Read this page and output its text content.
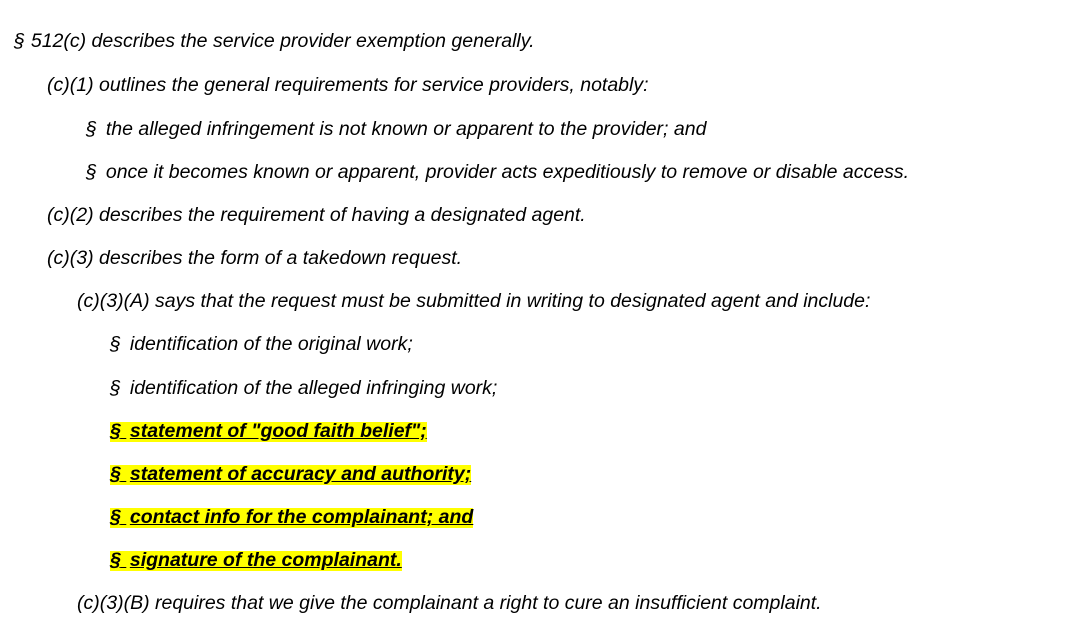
§ 512(c) describes the service provider exemption generally.
(c)(1) outlines the general requirements for service providers, notably:
§ the alleged infringement is not known or apparent to the provider; and
§ once it becomes known or apparent, provider acts expeditiously to remove or disable access.
(c)(2) describes the requirement of having a designated agent.
(c)(3) describes the form of a takedown request.
(c)(3)(A) says that the request must be submitted in writing to designated agent and include:
§ identification of the original work;
§ identification of the alleged infringing work;
§ statement of "good faith belief";
§ statement of accuracy and authority;
§ contact info for the complainant; and
§ signature of the complainant.
(c)(3)(B) requires that we give the complainant a right to cure an insufficient complaint.
